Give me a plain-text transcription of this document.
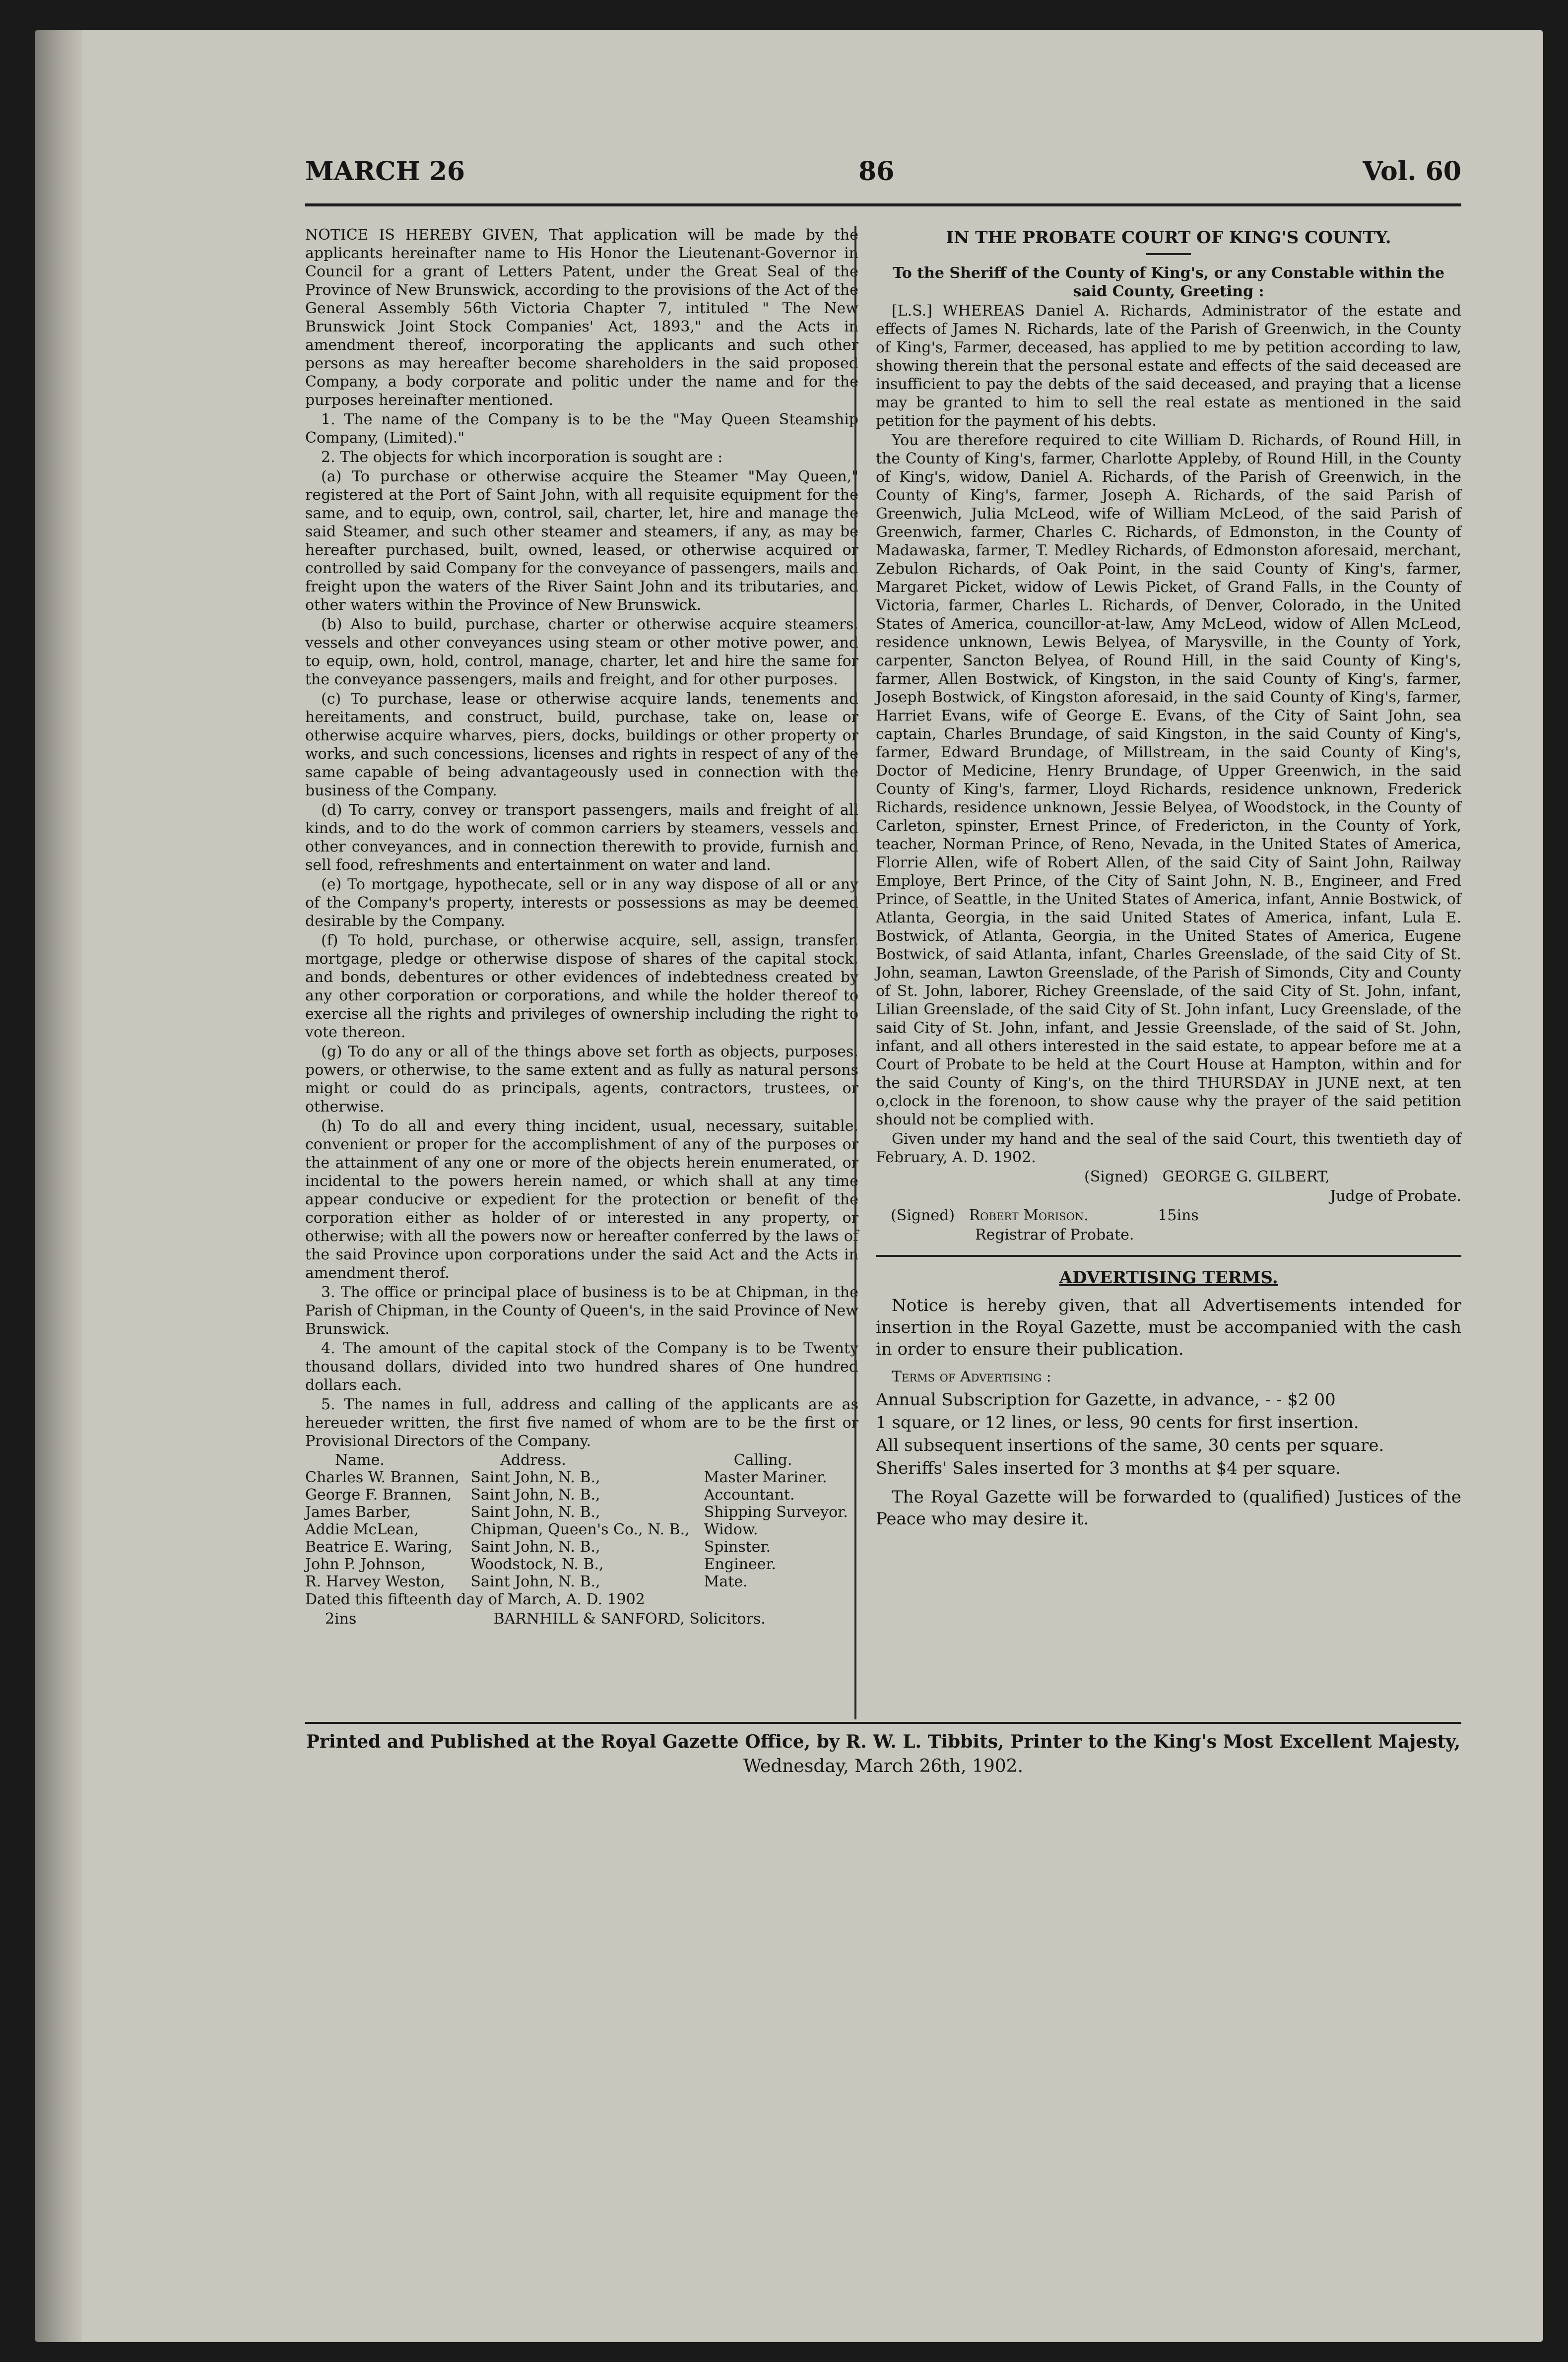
MARCH 26	86	Vol. 60

NOTICE IS HEREBY GIVEN, That application will be made by the applicants hereinafter name to His Honor the Lieutenant-Governor in Council for a grant of Letters Patent, under the Great Seal of the Province of New Brunswick, according to the provisions of the Act of the General Assembly 56th Victoria Chapter 7, intituled " The New Brunswick Joint Stock Companies' Act, 1893," and the Acts in amendment thereof, incorporating the applicants and such other persons as may hereafter become shareholders in the said proposed Company, a body corporate and politic under the name and for the purposes hereinafter mentioned.

1. The name of the Company is to be the "May Queen Steamship Company, (Limited)."

2. The objects for which incorporation is sought are :

(a) To purchase or otherwise acquire the Steamer "May Queen," registered at the Port of Saint John, with all requisite equipment for the same, and to equip, own, control, sail, charter, let, hire and manage the said Steamer, and such other steamer and steamers, if any, as may be hereafter purchased, built, owned, leased, or otherwise acquired or controlled by said Company for the conveyance of passengers, mails and freight upon the waters of the River Saint John and its tributaries, and other waters within the Province of New Brunswick.

(b) Also to build, purchase, charter or otherwise acquire steamers, vessels and other conveyances using steam or other motive power, and to equip, own, hold, control, manage, charter, let and hire the same for the conveyance passengers, mails and freight, and for other purposes.

(c) To purchase, lease or otherwise acquire lands, tenements and hereitaments, and construct, build, purchase, take on, lease or otherwise acquire wharves, piers, docks, buildings or other property or works, and such concessions, licenses and rights in respect of any of the same capable of being advantageously used in connection with the business of the Company.

(d) To carry, convey or transport passengers, mails and freight of all kinds, and to do the work of common carriers by steamers, vessels and other conveyances, and in connection therewith to provide, furnish and sell food, refreshments and entertainment on water and land.

(e) To mortgage, hypothecate, sell or in any way dispose of all or any of the Company's property, interests or possessions as may be deemed desirable by the Company.

(f) To hold, purchase, or otherwise acquire, sell, assign, transfer, mortgage, pledge or otherwise dispose of shares of the capital stock, and bonds, debentures or other evidences of indebtedness created by any other corporation or corporations, and while the holder thereof to exercise all the rights and privileges of ownership including the right to vote thereon.

(g) To do any or all of the things above set forth as objects, purposes, powers, or otherwise, to the same extent and as fully as natural persons might or could do as principals, agents, contractors, trustees, or otherwise.

(h) To do all and every thing incident, usual, necessary, suitable, convenient or proper for the accomplishment of any of the purposes or the attainment of any one or more of the objects herein enumerated, or incidental to the powers herein named, or which shall at any time appear conducive or expedient for the protection or benefit of the corporation either as holder of or interested in any property, or otherwise; with all the powers now or hereafter conferred by the laws of the said Province upon corporations under the said Act and the Acts in amendment therof.

3. The office or principal place of business is to be at Chipman, in the Parish of Chipman, in the County of Queen's, in the said Province of New Brunswick.

4. The amount of the capital stock of the Company is to be Twenty thousand dollars, divided into two hundred shares of One hundred dollars each.

5. The names in full, address and calling of the applicants are as hereueder written, the first five named of whom are to be the first or Provisional Directors of the Company.

Name.	Address.	Calling.
Charles W. Brannen,	Saint John, N. B.,	Master Mariner.
George F. Brannen,	Saint John, N. B.,	Accountant.
James Barber,	Saint John, N. B.,	Shipping Surveyor.
Addie McLean,	Chipman, Queen's Co., N. B.,	Widow.
Beatrice E. Waring,	Saint John, N. B.,	Spinster.
John P. Johnson,	Woodstock, N. B.,	Engineer.
R. Harvey Weston,	Saint John, N. B.,	Mate.

Dated this fifteenth day of March, A. D. 1902

2ins	BARNHILL & SANFORD, Solicitors.

IN THE PROBATE COURT OF KING'S COUNTY.

To the Sheriff of the County of King's, or any Constable within the said County, Greeting :

[L.S.] WHEREAS Daniel A. Richards, Administrator of the estate and effects of James N. Richards, late of the Parish of Greenwich, in the County of King's, Farmer, deceased, has applied to me by petition according to law, showing therein that the personal estate and effects of the said deceased are insufficient to pay the debts of the said deceased, and praying that a license may be granted to him to sell the real estate as mentioned in the said petition for the payment of his debts.

You are therefore required to cite William D. Richards, of Round Hill, in the County of King's, farmer, Charlotte Appleby, of Round Hill, in the County of King's, widow, Daniel A. Richards, of the Parish of Greenwich, in the County of King's, farmer, Joseph A. Richards, of the said Parish of Greenwich, Julia McLeod, wife of William McLeod, of the said Parish of Greenwich, farmer, Charles C. Richards, of Edmonston, in the County of Madawaska, farmer, T. Medley Richards, of Edmonston aforesaid, merchant, Zebulon Richards, of Oak Point, in the said County of King's, farmer, Margaret Picket, widow of Lewis Picket, of Grand Falls, in the County of Victoria, farmer, Charles L. Richards, of Denver, Colorado, in the United States of America, councillor-at-law, Amy McLeod, widow of Allen McLeod, residence unknown, Lewis Belyea, of Marysville, in the County of York, carpenter, Sancton Belyea, of Round Hill, in the said County of King's, farmer, Allen Bostwick, of Kingston, in the said County of King's, farmer, Joseph Bostwick, of Kingston aforesaid, in the said County of King's, farmer, Harriet Evans, wife of George E. Evans, of the City of Saint John, sea captain, Charles Brundage, of said Kingston, in the said County of King's, farmer, Edward Brundage, of Millstream, in the said County of King's, Doctor of Medicine, Henry Brundage, of Upper Greenwich, in the said County of King's, farmer, Lloyd Richards, residence unknown, Frederick Richards, residence unknown, Jessie Belyea, of Woodstock, in the County of Carleton, spinster, Ernest Prince, of Fredericton, in the County of York, teacher, Norman Prince, of Reno, Nevada, in the United States of America, Florrie Allen, wife of Robert Allen, of the said City of Saint John, Railway Employe, Bert Prince, of the City of Saint John, N. B., Engineer, and Fred Prince, of Seattle, in the United States of America, infant, Annie Bostwick, of Atlanta, Georgia, in the said United States of America, infant, Lula E. Bostwick, of Atlanta, Georgia, in the United States of America, Eugene Bostwick, of said Atlanta, infant, Charles Greenslade, of the said City of St. John, seaman, Lawton Greenslade, of the Parish of Simonds, City and County of St. John, laborer, Richey Greenslade, of the said City of St. John, infant, Lilian Greenslade, of the said City of St. John infant, Lucy Greenslade, of the said City of St. John, infant, and Jessie Greenslade, of the said of St. John, infant, and all others interested in the said estate, to appear before me at a Court of Probate to be held at the Court House at Hampton, within and for the said County of King's, on the third THURSDAY in JUNE next, at ten o,clock in the forenoon, to show cause why the prayer of the said petition should not be complied with.

Given under my hand and the seal of the said Court, this twentieth day of February, A. D. 1902.

(Signed) GEORGE G. GILBERT,

Judge of Probate.

(Signed) Robert Morison.	15ins

Registrar of Probate.

ADVERTISING TERMS.

Notice is hereby given, that all Advertisements intended for insertion in the Royal Gazette, must be accompanied with the cash in order to ensure their publication.

Terms of Advertising :

Annual Subscription for Gazette, in advance, - - $2 00

1 square, or 12 lines, or less, 90 cents for first insertion.

All subsequent insertions of the same, 30 cents per square.

Sheriffs' Sales inserted for 3 months at $4 per square.

The Royal Gazette will be forwarded to (qualified) Justices of the Peace who may desire it.

Printed and Published at the Royal Gazette Office, by R. W. L. Tibbits, Printer to the King's Most Excellent Majesty,
Wednesday, March 26th, 1902.
